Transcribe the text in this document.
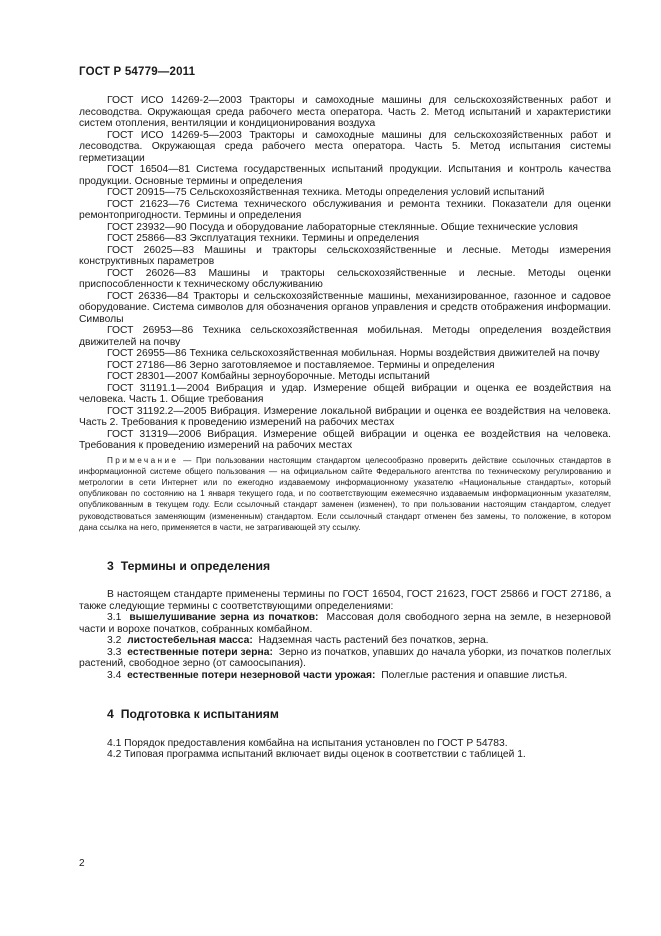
ГОСТ Р 54779—2011

ГОСТ ИСО 14269-2—2003 Тракторы и самоходные машины для сельскохозяйственных работ и лесоводства. Окружающая среда рабочего места оператора. Часть 2. Метод испытаний и характеристики систем отопления, вентиляции и кондиционирования воздуха

ГОСТ ИСО 14269-5—2003 Тракторы и самоходные машины для сельскохозяйственных работ и лесоводства. Окружающая среда рабочего места оператора. Часть 5. Метод испытания системы герметизации

ГОСТ 16504—81 Система государственных испытаний продукции. Испытания и контроль качества продукции. Основные термины и определения

ГОСТ 20915—75 Сельскохозяйственная техника. Методы определения условий испытаний

ГОСТ 21623—76 Система технического обслуживания и ремонта техники. Показатели для оценки ремонтопригодности. Термины и определения

ГОСТ 23932—90 Посуда и оборудование лабораторные стеклянные. Общие технические условия

ГОСТ 25866—83 Эксплуатация техники. Термины и определения

ГОСТ 26025—83 Машины и тракторы сельскохозяйственные и лесные. Методы измерения конструктивных параметров

ГОСТ 26026—83 Машины и тракторы сельскохозяйственные и лесные. Методы оценки приспособленности к техническому обслуживанию

ГОСТ 26336—84 Тракторы и сельскохозяйственные машины, механизированное, газонное и садовое оборудование. Система символов для обозначения органов управления и средств отображения информации. Символы

ГОСТ 26953—86 Техника сельскохозяйственная мобильная. Методы определения воздействия движителей на почву

ГОСТ 26955—86 Техника сельскохозяйственная мобильная. Нормы воздействия движителей на почву

ГОСТ 27186—86 Зерно заготовляемое и поставляемое. Термины и определения

ГОСТ 28301—2007 Комбайны зерноуборочные. Методы испытаний

ГОСТ 31191.1—2004 Вибрация и удар. Измерение общей вибрации и оценка ее воздействия на человека. Часть 1. Общие требования

ГОСТ 31192.2—2005 Вибрация. Измерение локальной вибрации и оценка ее воздействия на человека. Часть 2. Требования к проведению измерений на рабочих местах

ГОСТ 31319—2006 Вибрация. Измерение общей вибрации и оценка ее воздействия на человека. Требования к проведению измерений на рабочих местах

Примечание — При пользовании настоящим стандартом целесообразно проверить действие ссылочных стандартов в информационной системе общего пользования — на официальном сайте Федерального агентства по техническому регулированию и метрологии в сети Интернет или по ежегодно издаваемому информационному указателю «Национальные стандарты», который опубликован по состоянию на 1 января текущего года, и по соответствующим ежемесячно издаваемым информационным указателям, опубликованным в текущем году. Если ссылочный стандарт заменен (изменен), то при пользовании настоящим стандартом, следует руководствоваться заменяющим (измененным) стандартом. Если ссылочный стандарт отменен без замены, то положение, в котором дана ссылка на него, применяется в части, не затрагивающей эту ссылку.

3 Термины и определения

В настоящем стандарте применены термины по ГОСТ 16504, ГОСТ 21623, ГОСТ 25866 и ГОСТ 27186, а также следующие термины с соответствующими определениями:

3.1 вышелушивание зерна из початков: Массовая доля свободного зерна на земле, в незерновой части и ворохе початков, собранных комбайном.

3.2 листостебельная масса: Надземная часть растений без початков, зерна.

3.3 естественные потери зерна: Зерно из початков, упавших до начала уборки, из початков полеглых растений, свободное зерно (от самоосыпания).

3.4 естественные потери незерновой части урожая: Полеглые растения и опавшие листья.

4 Подготовка к испытаниям

4.1 Порядок предоставления комбайна на испытания установлен по ГОСТ Р 54783.

4.2 Типовая программа испытаний включает виды оценок в соответствии с таблицей 1.

2
